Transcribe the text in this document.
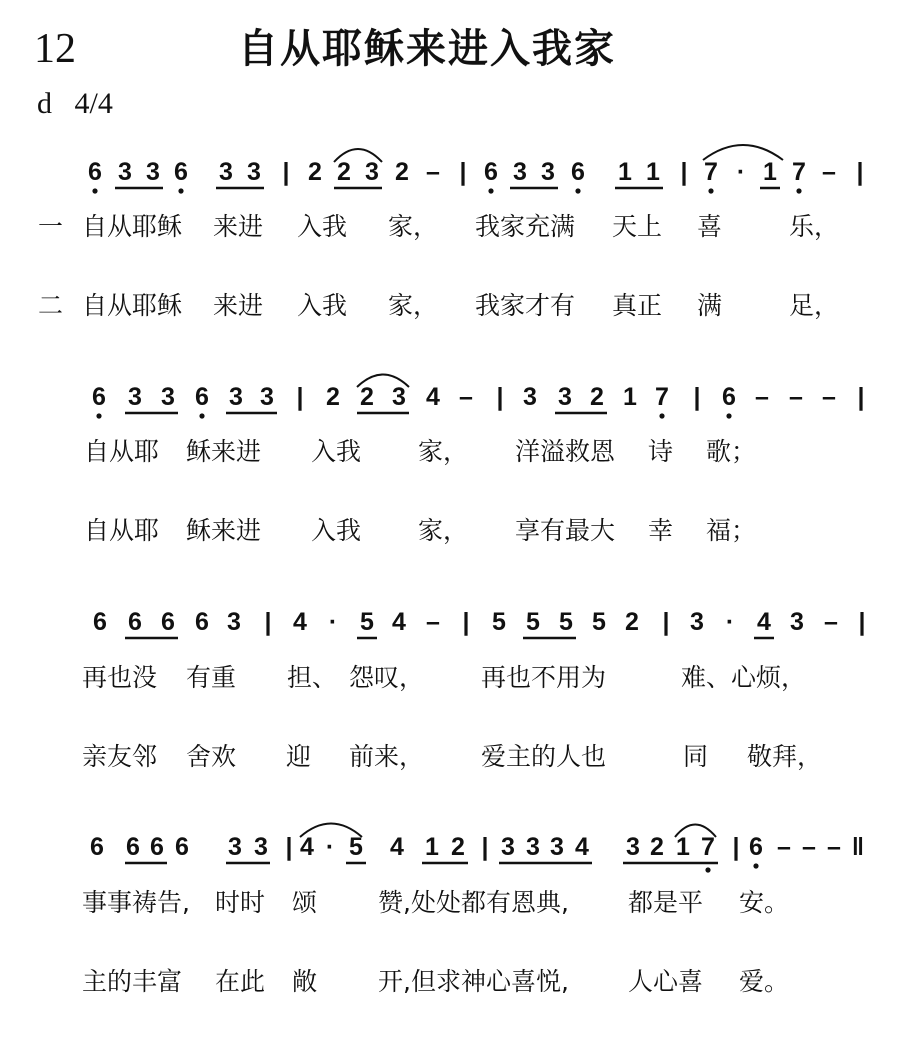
12	自从耶稣来进入我家
d   4/4
6 3 3 6 3 3 | 2 2 3 2 – | 6 3 3 6 1 1 | 7 · 1 7 – |
一 自从耶稣 来进 入我 家， 我家充满 天上 喜	乐，
二 自从耶稣 来进 入我 家， 我家才有 真正 满	足，
6 3 3 6 3 3 | 2 2 3 4 – | 3 3 2 1 7 | 6 – – – |
自从耶 稣来进 入我 家， 洋溢救恩 诗 歌；
自从耶 稣来进 入我 家， 享有最大 幸 福；
6 6 6 6 3 | 4 · 5 4 – | 5 5 5 5 2 | 3 · 4 3 – |
再也没 有重 担、 怨叹， 再也不用为	难、心烦，
亲友邻 舍欢 迎 前来， 爱主的人也	同 敬拜，
6 6 6 6 3 3 | 4 · 5 4 1 2 | 3 3 3 4 3 2 1 7 | 6 – – – ‖
事事祷告, 时时 颂 赞,处处都有恩典, 都是平 安。
主的丰富 在此 敞 开,但求神心喜悦, 人心喜 爱。
